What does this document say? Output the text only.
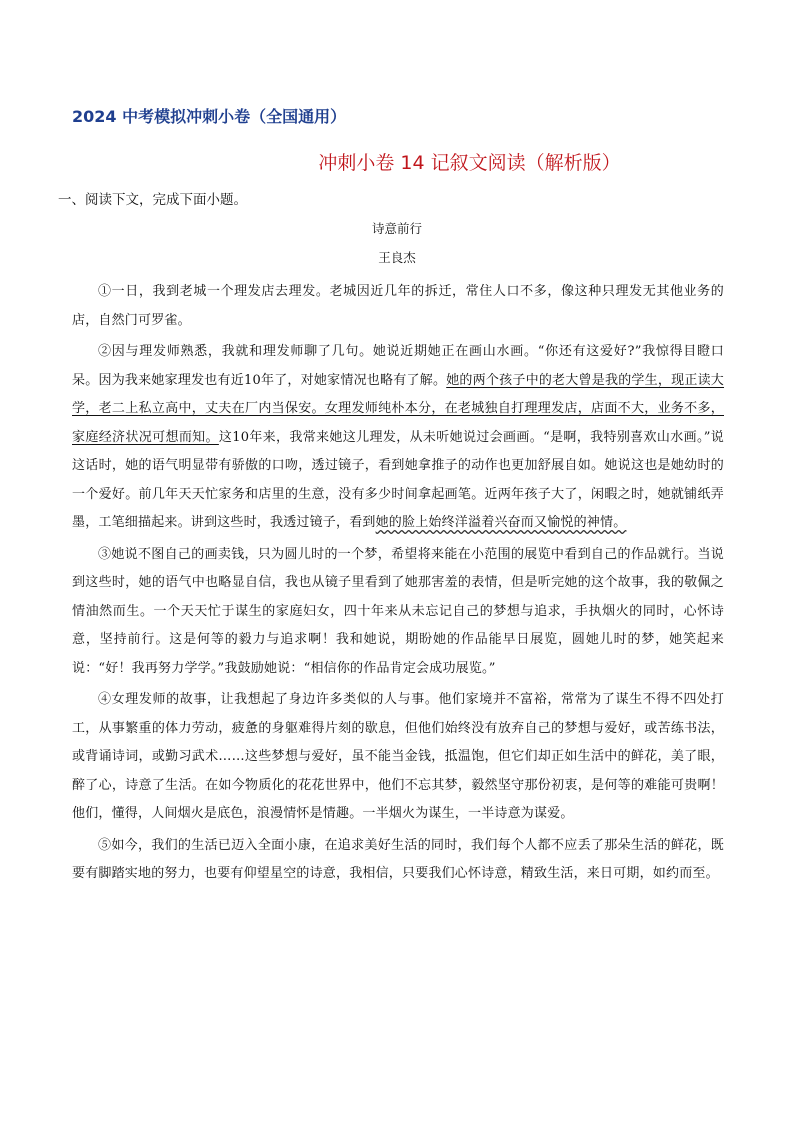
2024 中考模拟冲刺小卷（全国通用）
冲刺小卷 14 记叙文阅读（解析版）
一、阅读下文，完成下面小题。
诗意前行
王良杰

①一日，我到老城一个理发店去理发。老城因近几年的拆迁，常住人口不多，像这种只理发无其他业务的店，自然门可罗雀。

②因与理发师熟悉，我就和理发师聊了几句。她说近期她正在画山水画。“你还有这爱好?”我惊得目瞪口呆。因为我来她家理发也有近10年了，对她家情况也略有了解。她的两个孩子中的老大曾是我的学生，现正读大学，老二上私立高中，丈夫在厂内当保安。女理发师纯朴本分，在老城独自打理理发店，店面不大，业务不多，家庭经济状况可想而知。这10年来，我常来她这儿理发，从未听她说过会画画。“是啊，我特别喜欢山水画。”说这话时，她的语气明显带有骄傲的口吻，透过镜子，看到她拿推子的动作也更加舒展自如。她说这也是她幼时的一个爱好。前几年天天忙家务和店里的生意，没有多少时间拿起画笔。近两年孩子大了，闲暇之时，她就铺纸弄墨，工笔细描起来。讲到这些时，我透过镜子，看到她的脸上始终洋溢着兴奋而又愉悦的神情。

③她说不图自己的画卖钱，只为圆儿时的一个梦，希望将来能在小范围的展览中看到自己的作品就行。当说到这些时，她的语气中也略显自信，我也从镜子里看到了她那害羞的表情，但是听完她的这个故事，我的敬佩之情油然而生。一个天天忙于谋生的家庭妇女，四十年来从未忘记自己的梦想与追求，手执烟火的同时，心怀诗意，坚持前行。这是何等的毅力与追求啊！我和她说，期盼她的作品能早日展览，圆她儿时的梦，她笑起来说：“好！我再努力学学。”我鼓励她说：“相信你的作品肯定会成功展览。”

④女理发师的故事，让我想起了身边许多类似的人与事。他们家境并不富裕，常常为了谋生不得不四处打工，从事繁重的体力劳动，疲惫的身躯难得片刻的歇息，但他们始终没有放弃自己的梦想与爱好，或苦练书法，或背诵诗词，或勤习武术……这些梦想与爱好，虽不能当金钱，抵温饱，但它们却正如生活中的鲜花，美了眼，醉了心，诗意了生活。在如今物质化的花花世界中，他们不忘其梦，毅然坚守那份初衷，是何等的难能可贵啊！他们，懂得，人间烟火是底色，浪漫情怀是情趣。一半烟火为谋生，一半诗意为谋爱。

⑤如今，我们的生活已迈入全面小康，在追求美好生活的同时，我们每个人都不应丢了那朵生活的鲜花，既要有脚踏实地的努力，也要有仰望星空的诗意，我相信，只要我们心怀诗意，精致生活，来日可期，如约而至。
